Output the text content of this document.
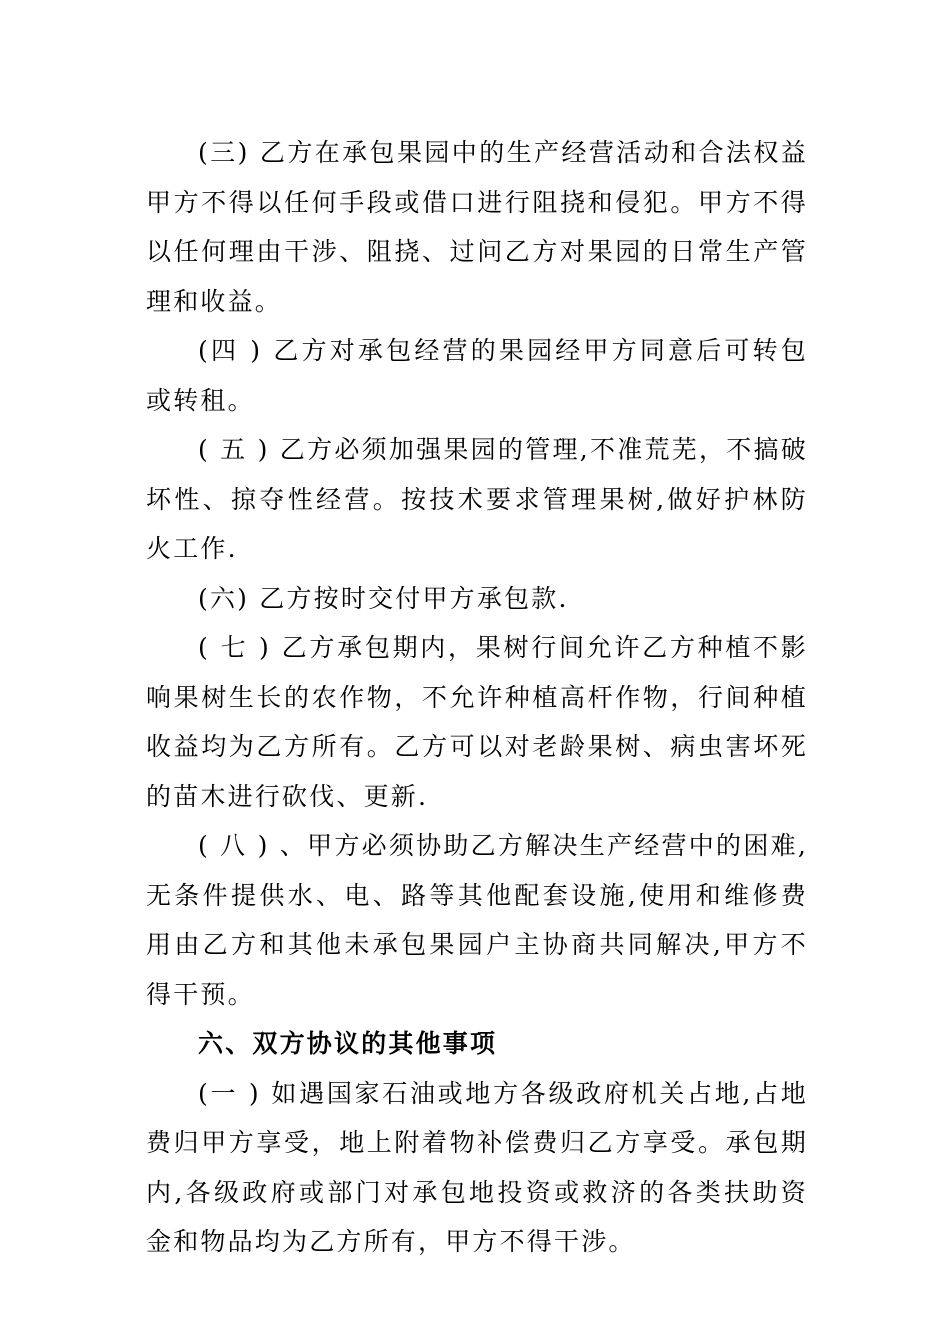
(三) 乙方在承包果园中的生产经营活动和合法权益甲方不得以任何手段或借口进行阻挠和侵犯。甲方不得以任何理由干涉、阻挠、过问乙方对果园的日常生产管理和收益。

(四 ) 乙方对承包经营的果园经甲方同意后可转包或转租。

( 五 ) 乙方必须加强果园的管理,不准荒芜，不搞破坏性、掠夺性经营。按技术要求管理果树,做好护林防火工作.

(六) 乙方按时交付甲方承包款.

( 七 ) 乙方承包期内，果树行间允许乙方种植不影响果树生长的农作物，不允许种植高杆作物，行间种植收益均为乙方所有。乙方可以对老龄果树、病虫害坏死的苗木进行砍伐、更新.

( 八 ) 、甲方必须协助乙方解决生产经营中的困难,无条件提供水、电、路等其他配套设施,使用和维修费用由乙方和其他未承包果园户主协商共同解决,甲方不得干预。

六、双方协议的其他事项

(一 ) 如遇国家石油或地方各级政府机关占地,占地费归甲方享受，地上附着物补偿费归乙方享受。承包期内,各级政府或部门对承包地投资或救济的各类扶助资金和物品均为乙方所有，甲方不得干涉。
